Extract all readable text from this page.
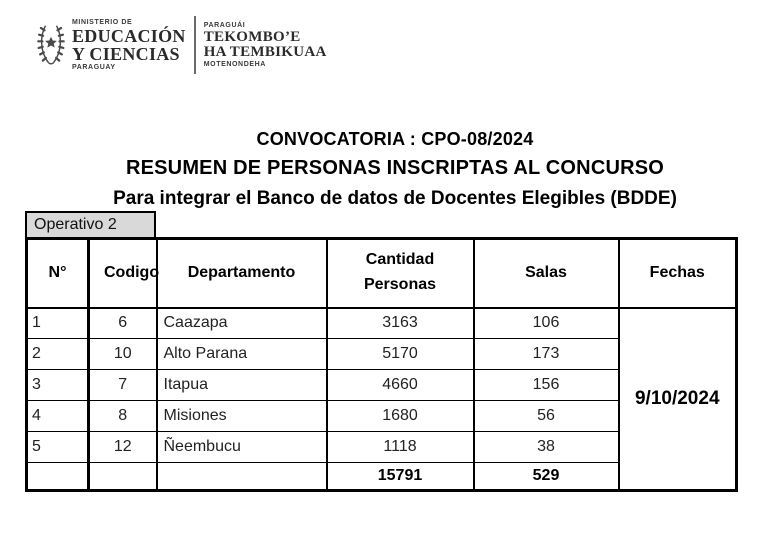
MINISTERIO DE
EDUCACIÓN
Y CIENCIAS
PARAGUAY
PARAGUÁI
TEKOMBO’E
HA TEMBIKUAA
MOTENONDEHA
CONVOCATORIA : CPO-08/2024
RESUMEN DE PERSONAS INSCRIPTAS AL CONCURSO
Para integrar el Banco de datos de Docentes Elegibles (BDDE)
Operativo 2
N°	Codigo	Departamento	Cantidad Personas	Salas	Fechas
1	6	Caazapa	3163	106	9/10/2024
2	10	Alto Parana	5170	173	
3	7	Itapua	4660	156	
4	8	Misiones	1680	56	
5	12	Ñeembucu	1118	38	
			15791	529	
